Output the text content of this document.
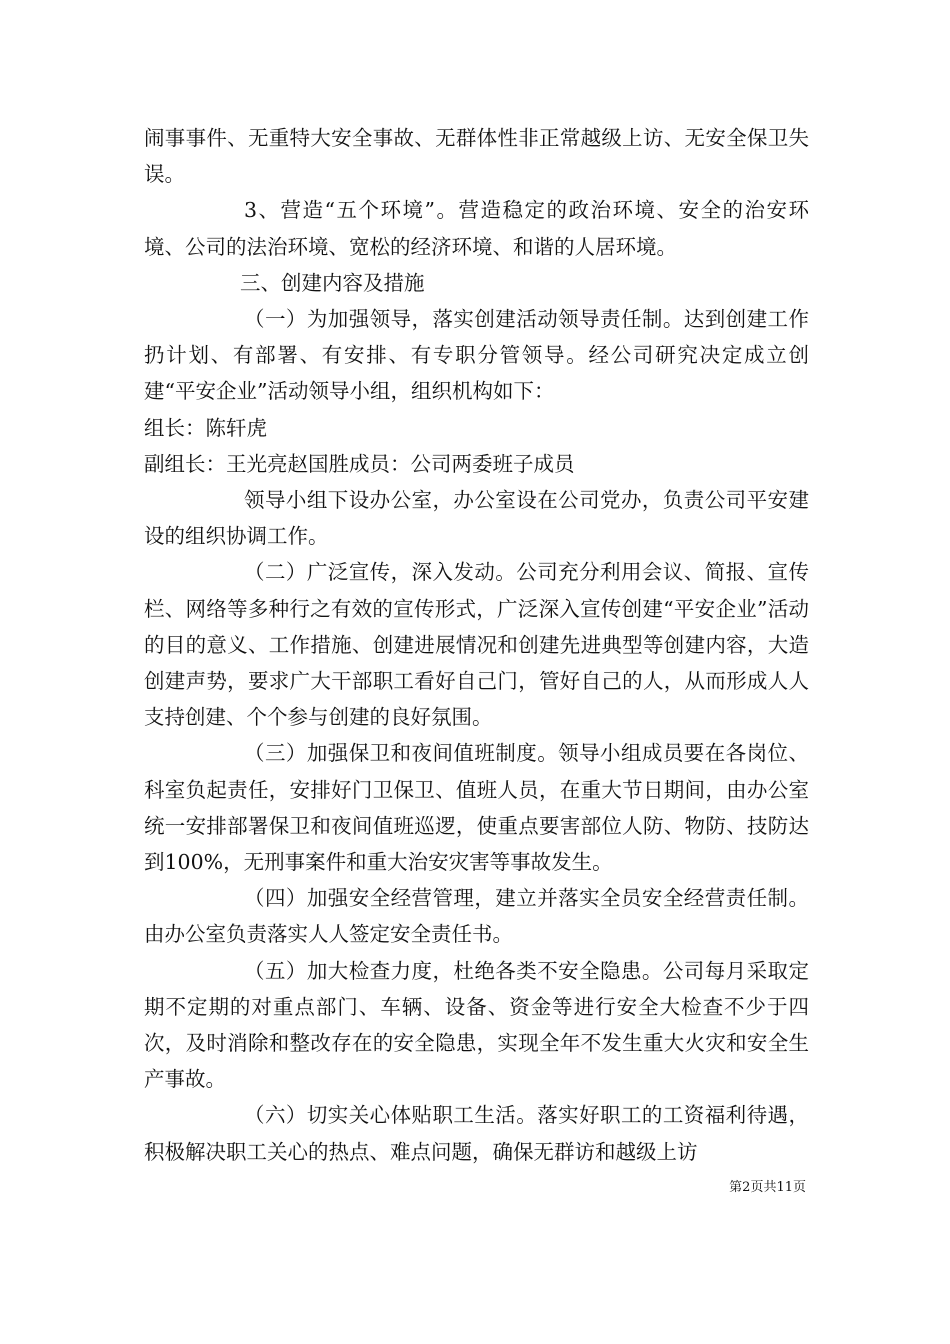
闹事事件、无重特大安全事故、无群体性非正常越级上访、无安全保卫失误。

3、营造“五个环境”。营造稳定的政治环境、安全的治安环境、公司的法治环境、宽松的经济环境、和谐的人居环境。

三、创建内容及措施

（一）为加强领导，落实创建活动领导责任制。达到创建工作扔计划、有部署、有安排、有专职分管领导。经公司研究决定成立创建“平安企业”活动领导小组，组织机构如下：

组长：陈轩虎

副组长：王光亮赵国胜成员：公司两委班子成员

领导小组下设办公室，办公室设在公司党办，负责公司平安建设的组织协调工作。

（二）广泛宣传，深入发动。公司充分利用会议、简报、宣传栏、网络等多种行之有效的宣传形式，广泛深入宣传创建“平安企业”活动的目的意义、工作措施、创建进展情况和创建先进典型等创建内容，大造创建声势，要求广大干部职工看好自己门，管好自己的人，从而形成人人支持创建、个个参与创建的良好氛围。

（三）加强保卫和夜间值班制度。领导小组成员要在各岗位、科室负起责任，安排好门卫保卫、值班人员，在重大节日期间，由办公室统一安排部署保卫和夜间值班巡逻，使重点要害部位人防、物防、技防达到100%，无刑事案件和重大治安灾害等事故发生。

（四）加强安全经营管理，建立并落实全员安全经营责任制。由办公室负责落实人人签定安全责任书。

（五）加大检查力度，杜绝各类不安全隐患。公司每月采取定期不定期的对重点部门、车辆、设备、资金等进行安全大检查不少于四次，及时消除和整改存在的安全隐患，实现全年不发生重大火灾和安全生产事故。

（六）切实关心体贴职工生活。落实好职工的工资福利待遇，积极解决职工关心的热点、难点问题，确保无群访和越级上访

第2页共11页
